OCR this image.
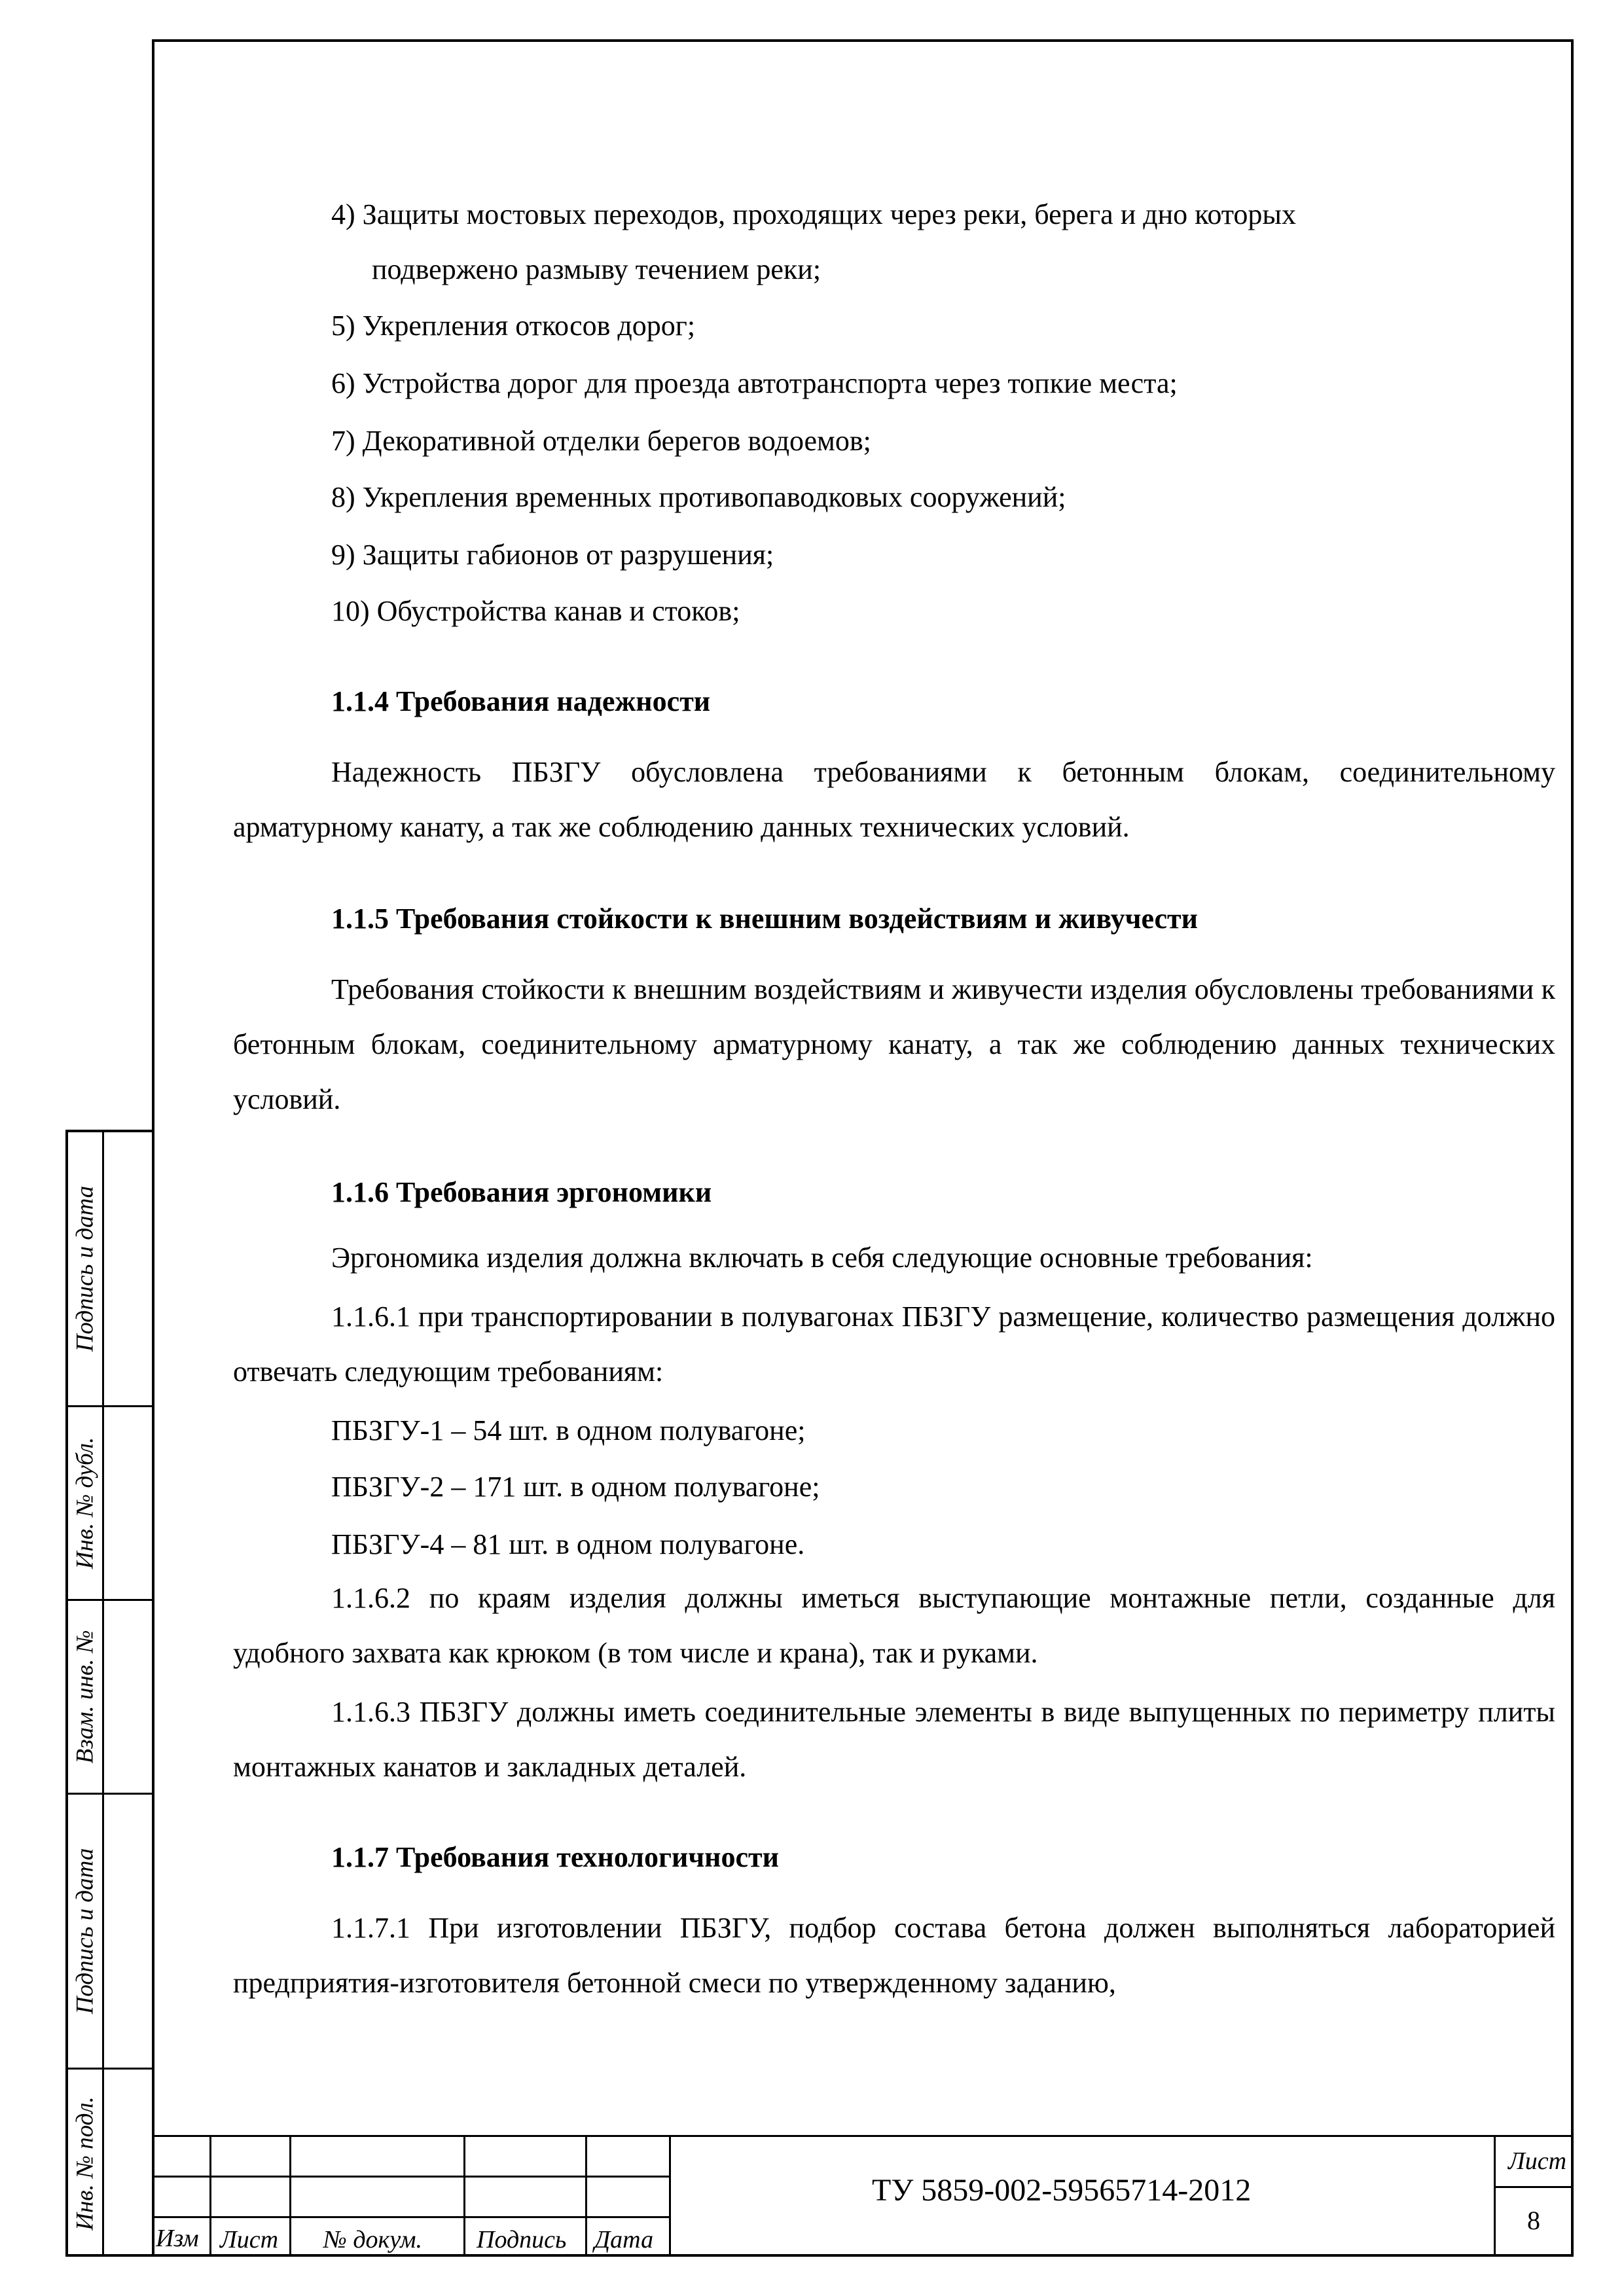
Подпись и дата
Инв. № дубл.
Взам. инв. №
Подпись и дата
Инв. № подл.
4) Защиты мостовых переходов, проходящих через реки, берега и дно которых
подвержено размыву течением реки;
5) Укрепления откосов дорог;
6) Устройства дорог для проезда автотранспорта через топкие места;
7) Декоративной отделки берегов водоемов;
8) Укрепления временных противопаводковых сооружений;
9) Защиты габионов от разрушения;
10) Обустройства канав и стоков;
1.1.4 Требования надежности
Надежность ПБЗГУ обусловлена требованиями к бетонным блокам, соединительному арматурному канату, а так же соблюдению данных технических условий.
1.1.5 Требования стойкости к внешним воздействиям и живучести
Требования стойкости к внешним воздействиям и живучести изделия обусловлены требованиями к бетонным блокам, соединительному арматурному канату, а так же соблюдению данных технических условий.
1.1.6 Требования эргономики
Эргономика изделия должна включать в себя следующие основные требования:
1.1.6.1 при транспортировании в полувагонах ПБЗГУ размещение, количество размещения должно отвечать следующим требованиям:
ПБЗГУ-1 – 54 шт. в одном полувагоне;
ПБЗГУ-2 – 171 шт. в одном полувагоне;
ПБЗГУ-4 – 81 шт. в одном полувагоне.
1.1.6.2 по краям изделия должны иметься выступающие монтажные петли, созданные для удобного захвата как крюком (в том числе и крана), так и руками.
1.1.6.3 ПБЗГУ должны иметь соединительные элементы в виде выпущенных по периметру плиты монтажных канатов и закладных деталей.
1.1.7 Требования технологичности
1.1.7.1 При изготовлении ПБЗГУ, подбор состава бетона должен выполняться лабораторией предприятия-изготовителя бетонной смеси по утвержденному заданию,
Изм Лист № докум. Подпись Дата
ТУ 5859-002-59565714-2012
Лист
8
